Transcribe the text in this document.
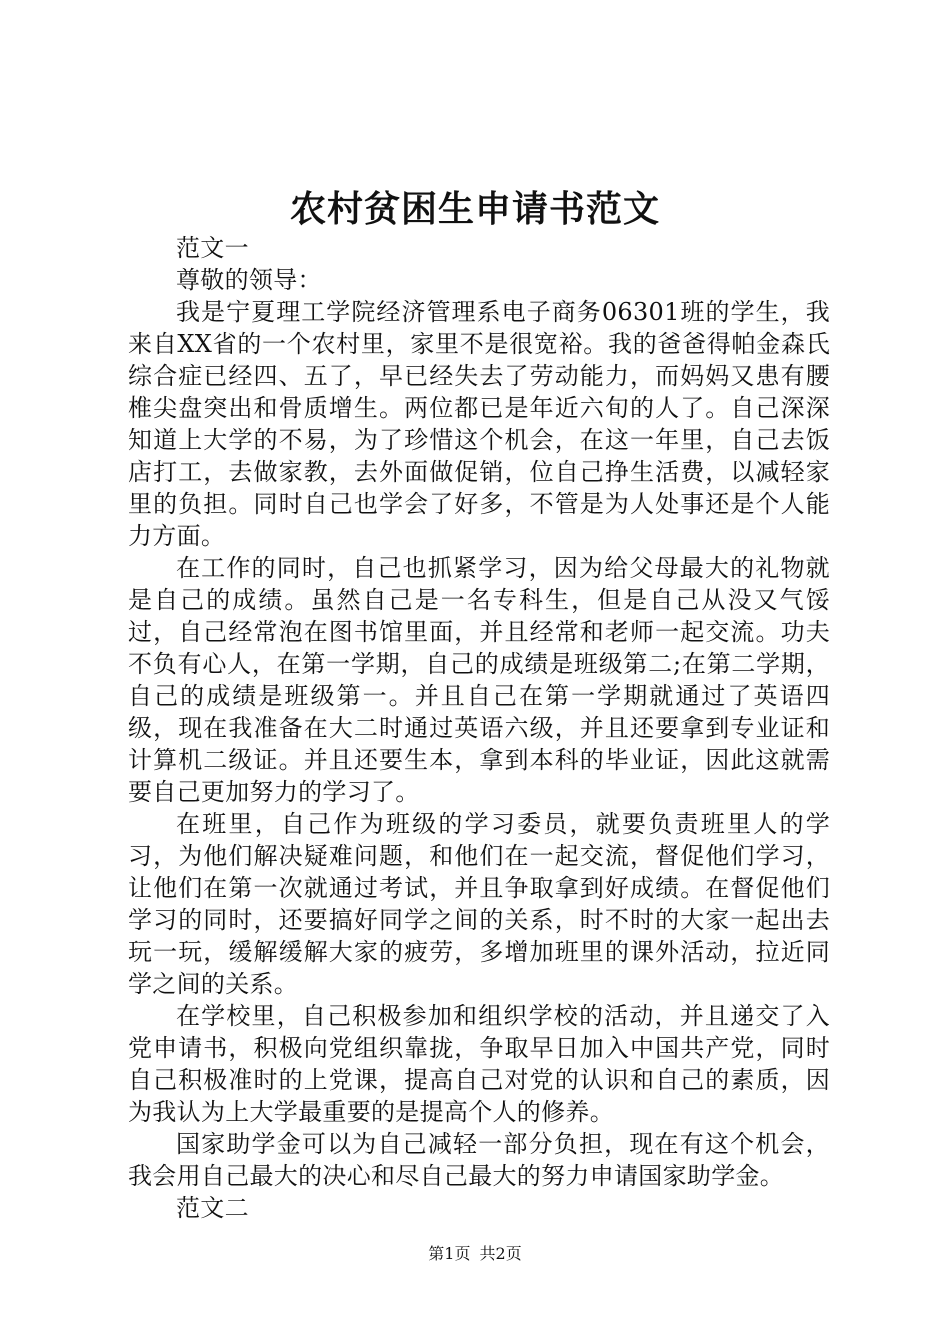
农村贫困生申请书范文

范文一

尊敬的领导：

我是宁夏理工学院经济管理系电子商务06301班的学生，我来自XX省的一个农村里，家里不是很宽裕。我的爸爸得帕金森氏综合症已经四、五了，早已经失去了劳动能力，而妈妈又患有腰椎尖盘突出和骨质增生。两位都已是年近六旬的人了。自己深深知道上大学的不易，为了珍惜这个机会，在这一年里，自己去饭店打工，去做家教，去外面做促销，位自己挣生活费，以减轻家里的负担。同时自己也学会了好多，不管是为人处事还是个人能力方面。

在工作的同时，自己也抓紧学习，因为给父母最大的礼物就是自己的成绩。虽然自己是一名专科生，但是自己从没又气馁过，自己经常泡在图书馆里面，并且经常和老师一起交流。功夫不负有心人，在第一学期，自己的成绩是班级第二;在第二学期，自己的成绩是班级第一。并且自己在第一学期就通过了英语四级，现在我准备在大二时通过英语六级，并且还要拿到专业证和计算机二级证。并且还要生本，拿到本科的毕业证，因此这就需要自己更加努力的学习了。

在班里，自己作为班级的学习委员，就要负责班里人的学习，为他们解决疑难问题，和他们在一起交流，督促他们学习，让他们在第一次就通过考试，并且争取拿到好成绩。在督促他们学习的同时，还要搞好同学之间的关系，时不时的大家一起出去玩一玩，缓解缓解大家的疲劳，多增加班里的课外活动，拉近同学之间的关系。

在学校里，自己积极参加和组织学校的活动，并且递交了入党申请书，积极向党组织靠拢，争取早日加入中国共产党，同时自己积极准时的上党课，提高自己对党的认识和自己的素质，因为我认为上大学最重要的是提高个人的修养。

国家助学金可以为自己减轻一部分负担，现在有这个机会，我会用自己最大的决心和尽自己最大的努力申请国家助学金。

范文二

第1页 共2页
